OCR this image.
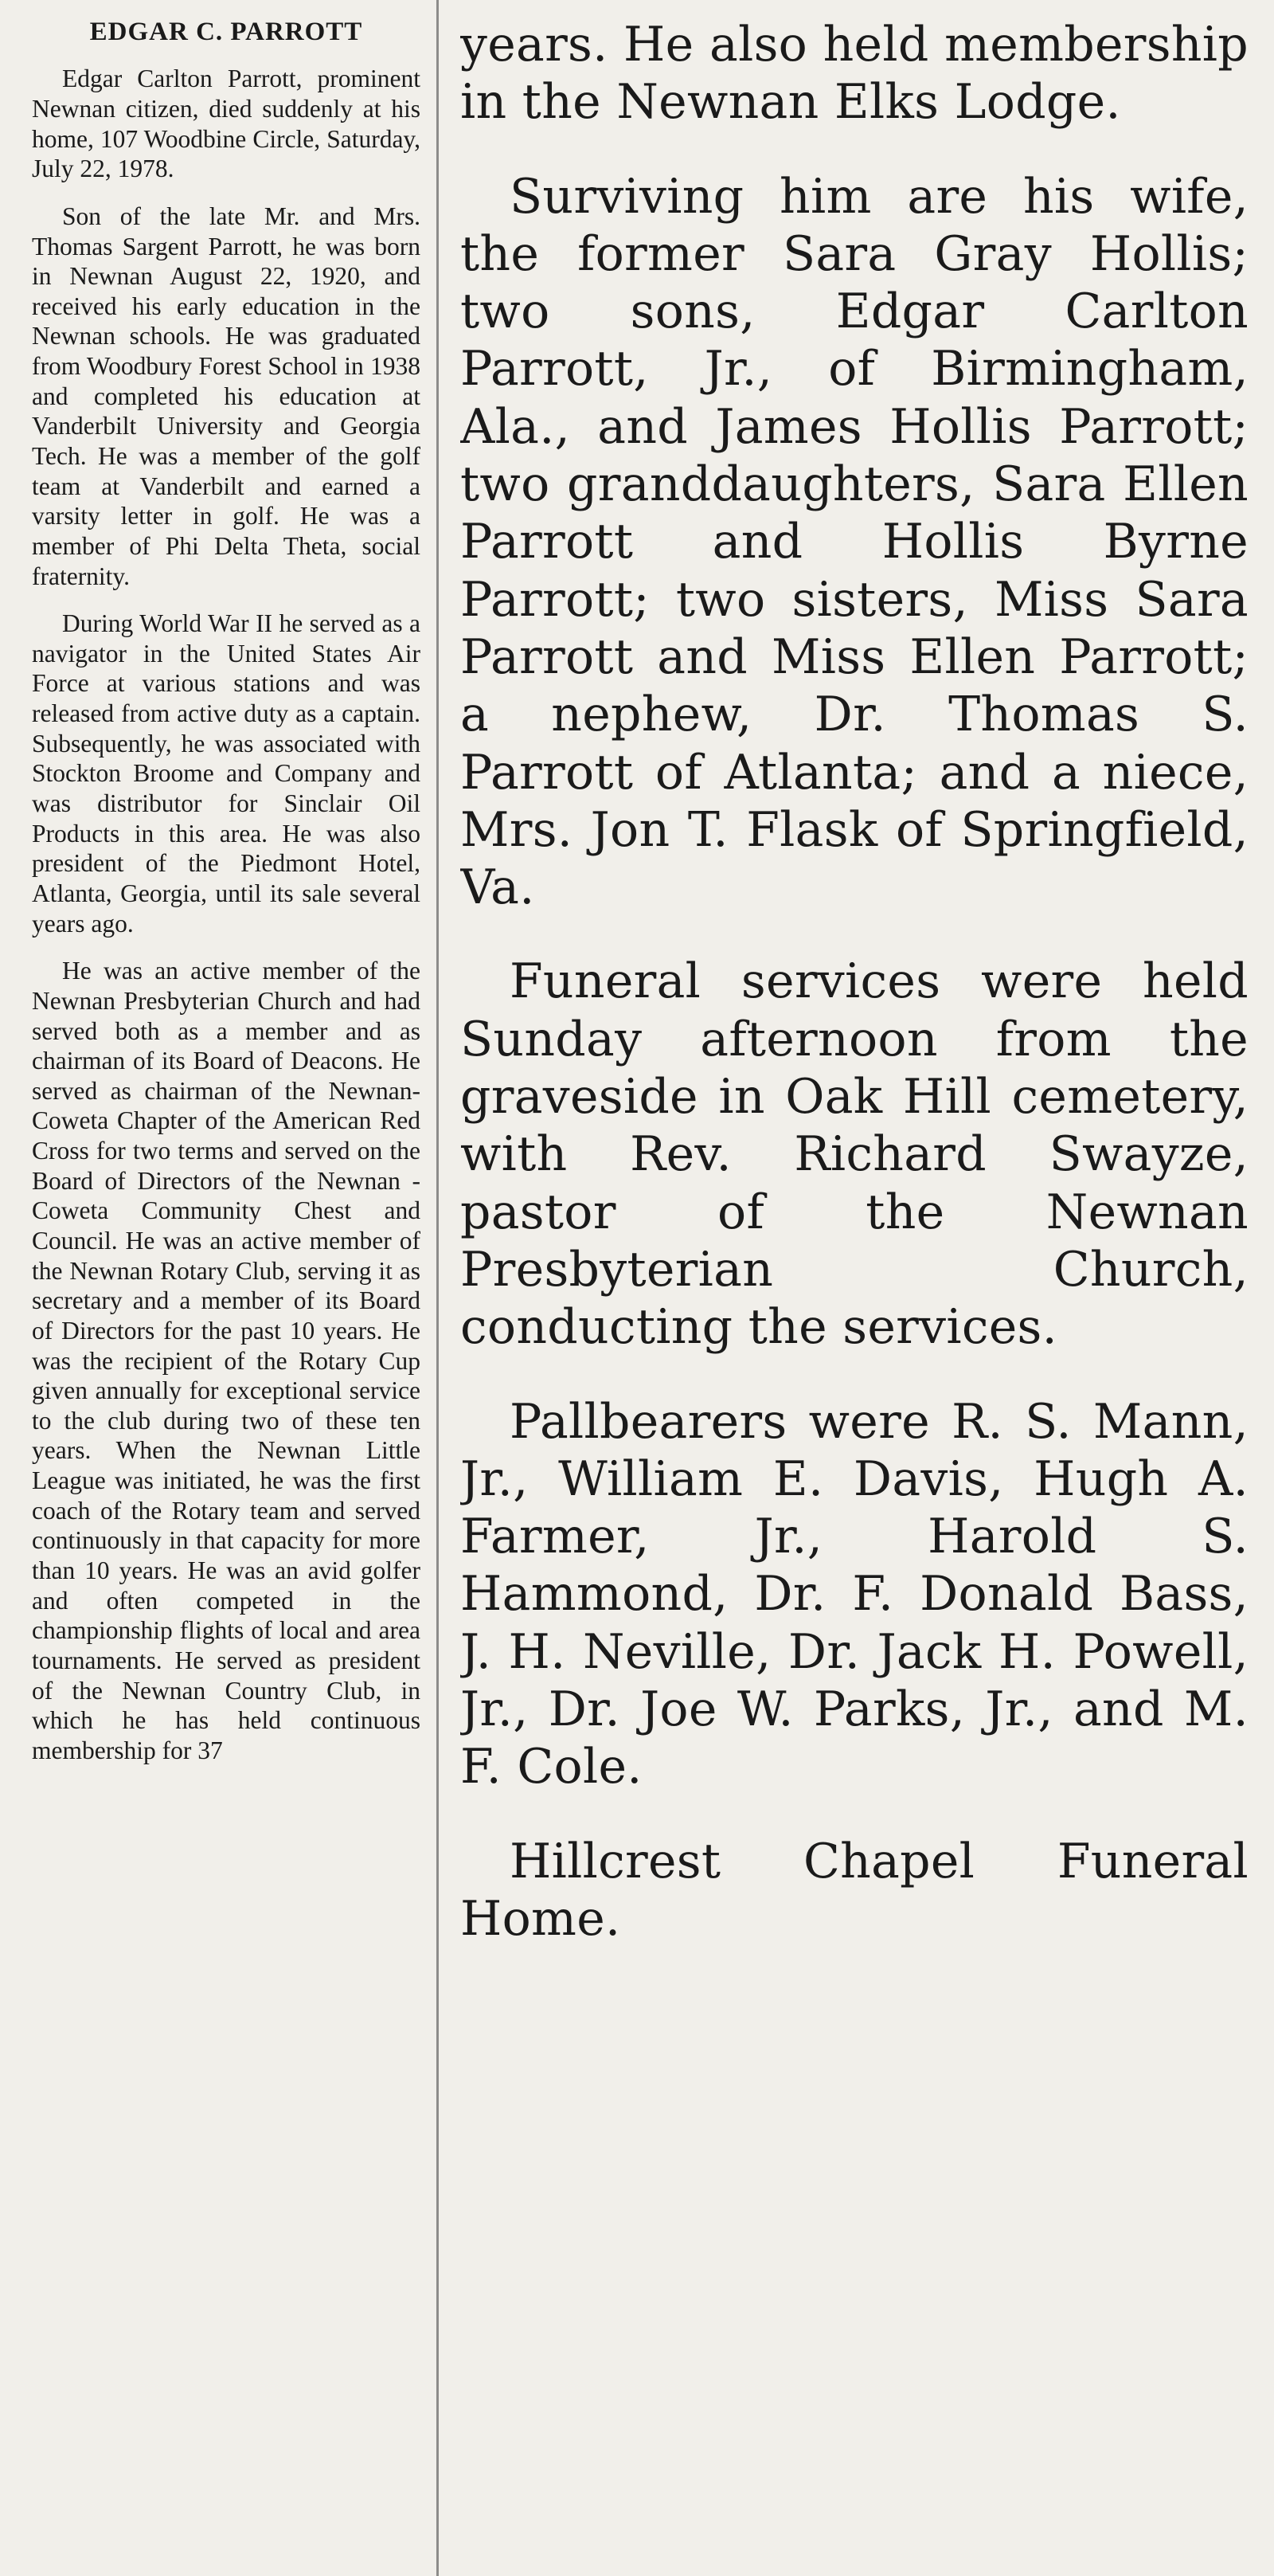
EDGAR C. PARROTT

Edgar Carlton Parrott, prominent Newnan citizen, died suddenly at his home, 107 Woodbine Circle, Saturday, July 22, 1978.

Son of the late Mr. and Mrs. Thomas Sargent Parrott, he was born in Newnan August 22, 1920, and received his early education in the Newnan schools. He was graduated from Woodbury Forest School in 1938 and completed his education at Vanderbilt University and Georgia Tech. He was a member of the golf team at Vanderbilt and earned a varsity letter in golf. He was a member of Phi Delta Theta, social fraternity.

During World War II he served as a navigator in the United States Air Force at various stations and was released from active duty as a captain. Subsequently, he was associated with Stockton Broome and Company and was distributor for Sinclair Oil Products in this area. He was also president of the Piedmont Hotel, Atlanta, Georgia, until its sale several years ago.

He was an active member of the Newnan Presbyterian Church and had served both as a member and as chairman of its Board of Deacons. He served as chairman of the Newnan-Coweta Chapter of the American Red Cross for two terms and served on the Board of Directors of the Newnan - Coweta Community Chest and Council. He was an active member of the Newnan Rotary Club, serving it as secretary and a member of its Board of Directors for the past 10 years. He was the recipient of the Rotary Cup given annually for exceptional service to the club during two of these ten years. When the Newnan Little League was initiated, he was the first coach of the Rotary team and served continuously in that capacity for more than 10 years. He was an avid golfer and often competed in the championship flights of local and area tournaments. He served as president of the Newnan Country Club, in which he has held continuous membership for 37

years. He also held membership in the Newnan Elks Lodge.

Surviving him are his wife, the former Sara Gray Hollis; two sons, Edgar Carlton Parrott, Jr., of Birmingham, Ala., and James Hollis Parrott; two granddaughters, Sara Ellen Parrott and Hollis Byrne Parrott; two sisters, Miss Sara Parrott and Miss Ellen Parrott; a nephew, Dr. Thomas S. Parrott of Atlanta; and a niece, Mrs. Jon T. Flask of Springfield, Va.

Funeral services were held Sunday afternoon from the graveside in Oak Hill cemetery, with Rev. Richard Swayze, pastor of the Newnan Presbyterian Church, conducting the services.

Pallbearers were R. S. Mann, Jr., William E. Davis, Hugh A. Farmer, Jr., Harold S. Hammond, Dr. F. Donald Bass, J. H. Neville, Dr. Jack H. Powell, Jr., Dr. Joe W. Parks, Jr., and M. F. Cole.

Hillcrest Chapel Funeral Home.
